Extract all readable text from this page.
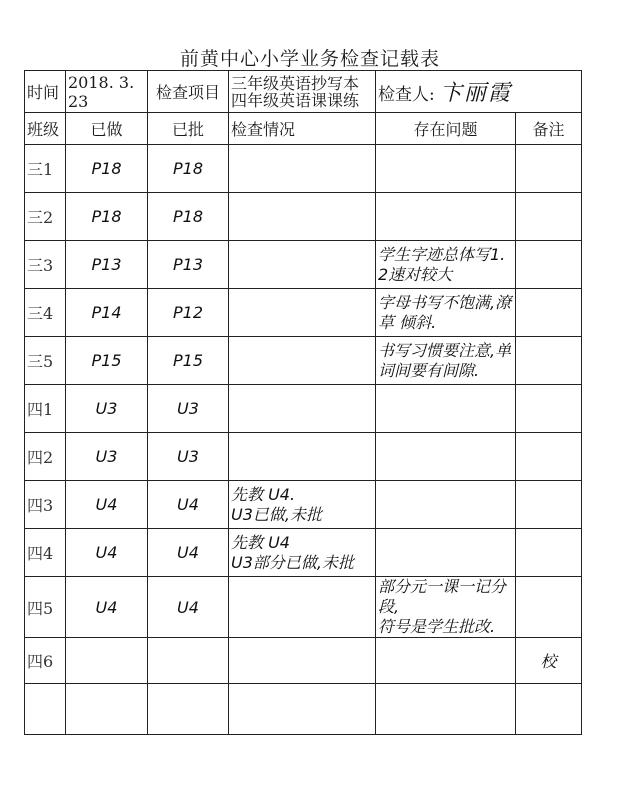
前黄中心小学业务检查记载表
时间	2018. 3. 23	检查项目	三年级英语抄写本
四年级英语课课练	检查人: 卞丽霞	
班级	已做	已批	检查情况	存在问题	备注
三1	P18	P18			
三2	P18	P18			
三3	P13	P13		学生字迹总体写1.
2速对较大	

三4	P14	P12		字母书写不饱满,潦
草 倾斜.	

三5	P15	P15		书写习惯要注意,单
词间要有间隙.	

四1	U3	U3			
四2	U3	U3			
四3	U4	U4	先教 U4.
U3已做,未批		

四4	U4	U4	先教 U4
U3部分已做,未批		

四5	U4	U4		部分元一课一记分段,
符号是学生批改.	

四6					校
